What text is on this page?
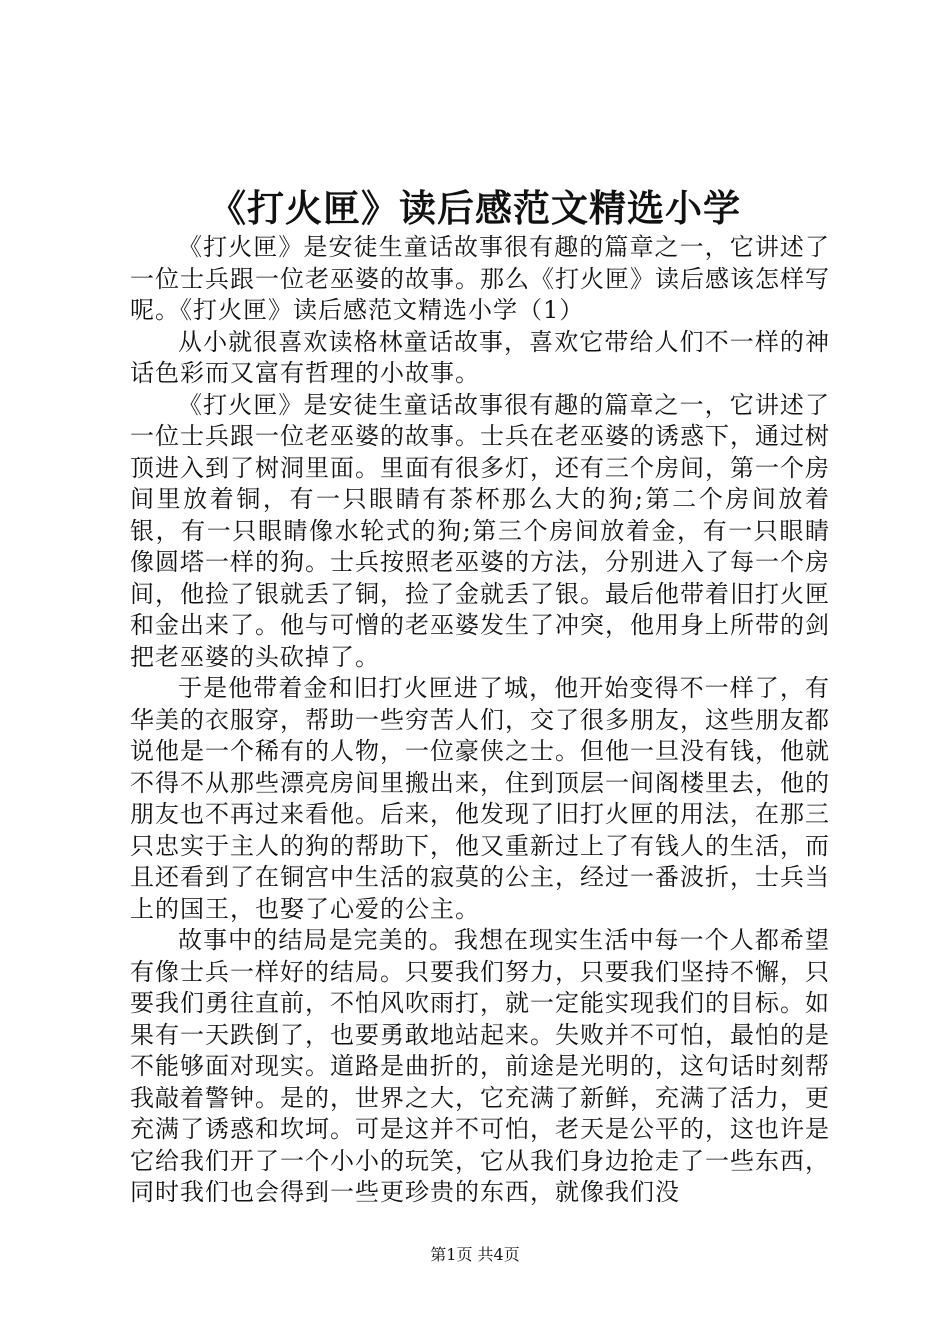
《打火匣》读后感范文精选小学

《打火匣》是安徒生童话故事很有趣的篇章之一，它讲述了一位士兵跟一位老巫婆的故事。那么《打火匣》读后感该怎样写呢。《打火匣》读后感范文精选小学（1）

从小就很喜欢读格林童话故事，喜欢它带给人们不一样的神话色彩而又富有哲理的小故事。

《打火匣》是安徒生童话故事很有趣的篇章之一，它讲述了一位士兵跟一位老巫婆的故事。士兵在老巫婆的诱惑下，通过树顶进入到了树洞里面。里面有很多灯，还有三个房间，第一个房间里放着铜，有一只眼睛有茶杯那么大的狗;第二个房间放着银，有一只眼睛像水轮式的狗;第三个房间放着金，有一只眼睛像圆塔一样的狗。士兵按照老巫婆的方法，分别进入了每一个房间，他捡了银就丢了铜，捡了金就丢了银。最后他带着旧打火匣和金出来了。他与可憎的老巫婆发生了冲突，他用身上所带的剑把老巫婆的头砍掉了。

于是他带着金和旧打火匣进了城，他开始变得不一样了，有华美的衣服穿，帮助一些穷苦人们，交了很多朋友，这些朋友都说他是一个稀有的人物，一位豪侠之士。但他一旦没有钱，他就不得不从那些漂亮房间里搬出来，住到顶层一间阁楼里去，他的朋友也不再过来看他。后来，他发现了旧打火匣的用法，在那三只忠实于主人的狗的帮助下，他又重新过上了有钱人的生活，而且还看到了在铜宫中生活的寂莫的公主，经过一番波折，士兵当上的国王，也娶了心爱的公主。

故事中的结局是完美的。我想在现实生活中每一个人都希望有像士兵一样好的结局。只要我们努力，只要我们坚持不懈，只要我们勇往直前，不怕风吹雨打，就一定能实现我们的目标。如果有一天跌倒了，也要勇敢地站起来。失败并不可怕，最怕的是不能够面对现实。道路是曲折的，前途是光明的，这句话时刻帮我敲着警钟。是的，世界之大，它充满了新鲜，充满了活力，更充满了诱惑和坎坷。可是这并不可怕，老天是公平的，这也许是它给我们开了一个小小的玩笑，它从我们身边抢走了一些东西，同时我们也会得到一些更珍贵的东西，就像我们没

第1页 共4页
